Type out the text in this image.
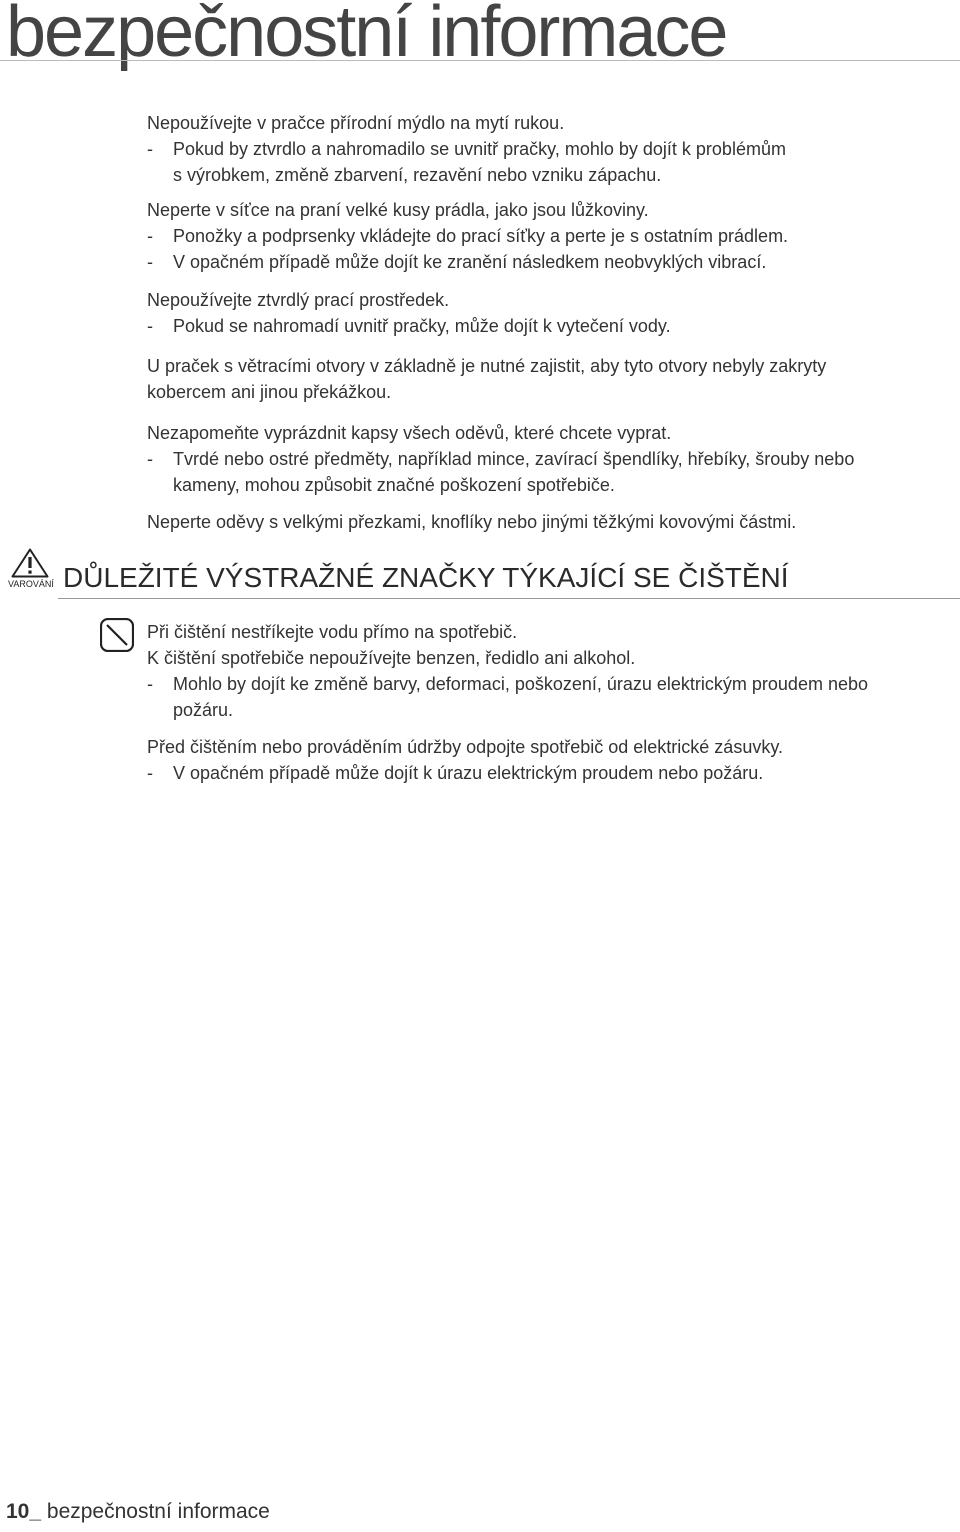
bezpečnostní informace

Nepoužívejte v pračce přírodní mýdlo na mytí rukou.

- Pokud by ztvrdlo a nahromadilo se uvnitř pračky, mohlo by dojít k problémům
s výrobkem, změně zbarvení, rezavění nebo vzniku zápachu.

Neperte v síťce na praní velké kusy prádla, jako jsou lůžkoviny.

- Ponožky a podprsenky vkládejte do prací síťky a perte je s ostatním prádlem.
- V opačném případě může dojít ke zranění následkem neobvyklých vibrací.

Nepoužívejte ztvrdlý prací prostředek.

- Pokud se nahromadí uvnitř pračky, může dojít k vytečení vody.

U praček s větracími otvory v základně je nutné zajistit, aby tyto otvory nebyly zakryty
kobercem ani jinou překážkou.

Nezapomeňte vyprázdnit kapsy všech oděvů, které chcete vyprat.

- Tvrdé nebo ostré předměty, například mince, zavírací špendlíky, hřebíky, šrouby nebo
kameny, mohou způsobit značné poškození spotřebiče.

Neperte oděvy s velkými přezkami, knoflíky nebo jinými těžkými kovovými částmi.

VAROVÁNÍ DŮLEŽITÉ VÝSTRAŽNÉ ZNAČKY TÝKAJÍCÍ SE ČIŠTĚNÍ

Při čištění nestříkejte vodu přímo na spotřebič.

K čištění spotřebiče nepoužívejte benzen, ředidlo ani alkohol.

- Mohlo by dojít ke změně barvy, deformaci, poškození, úrazu elektrickým proudem nebo
požáru.

Před čištěním nebo prováděním údržby odpojte spotřebič od elektrické zásuvky.

- V opačném případě může dojít k úrazu elektrickým proudem nebo požáru.
10_ bezpečnostní informace
